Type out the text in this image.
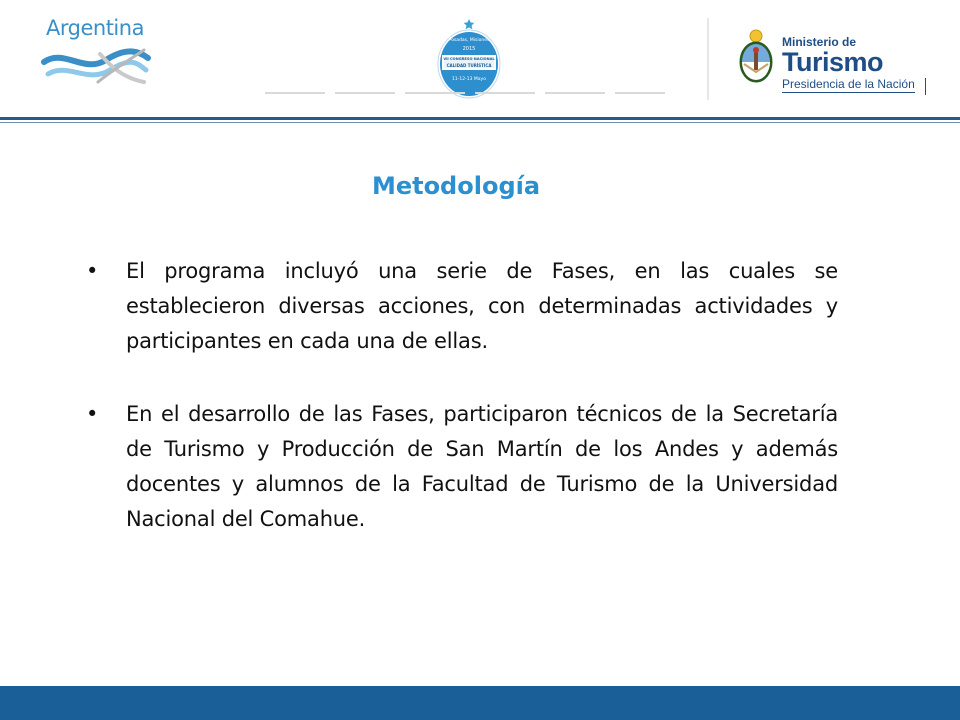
Argentina
Posadas, Misiones
2015
VII CONGRESO NACIONAL
CALIDAD TURÍSTICA
11-12-13 Mayo
Ministerio de
Turismo
Presidencia de la Nación
Metodología
• El programa incluyó una serie de Fases, en las cuales se establecieron diversas acciones, con determinadas actividades y participantes en cada una de ellas.
• En el desarrollo de las Fases, participaron técnicos de la Secretaría de Turismo y Producción de San Martín de los Andes y además docentes y alumnos de la Facultad de Turismo de la Universidad Nacional del Comahue.
